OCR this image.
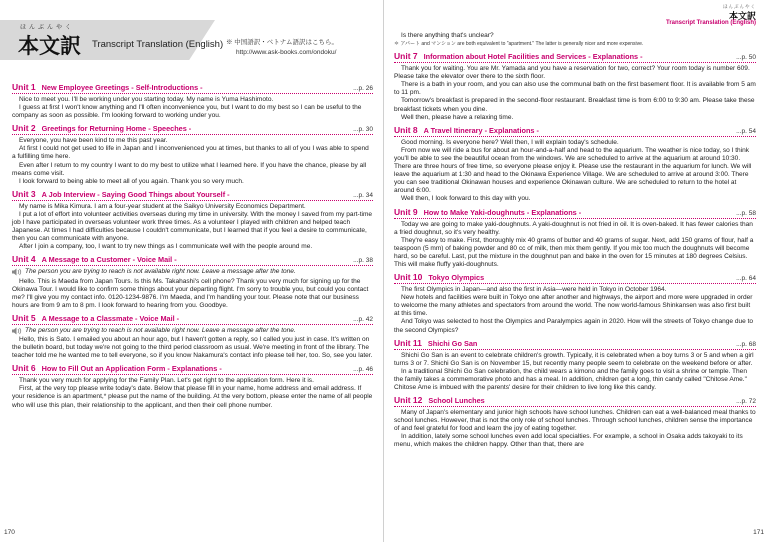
ほんぶんやく
本文訳 Transcript Translation (English) ※ 中国語訳・ベトナム語訳はこちら。
http://www.ask-books.com/ondoku/
Unit 1 New Employee Greetings - Self-Introductions -	...p. 26
Nice to meet you. I'll be working under you starting today. My name is Yuma Hashimoto.
I guess at first I won't know anything and I'll often inconvenience you, but I want to do my best so I can be useful to the company as soon as possible. I'm looking forward to working under you.
Unit 2 Greetings for Returning Home - Speeches -	...p. 30
Everyone, you have been kind to me this past year.
At first I could not get used to life in Japan and I inconvenienced you at times, but thanks to all of you I was able to spend a fulfilling time here.
Even after I return to my country I want to do my best to utilize what I learned here. If you have the chance, please by all means come visit.
I look forward to being able to meet all of you again. Thank you so very much.
Unit 3 A Job Interview - Saying Good Things about Yourself -	...p. 34
My name is Mika Kimura. I am a four-year student at the Saikyo University Economics Department.
I put a lot of effort into volunteer activities overseas during my time in university. With the money I saved from my part-time job I have participated in overseas volunteer work three times. As a volunteer I played with children and helped teach Japanese. At times I had difficulties because I couldn't communicate, but I learned that if you feel a desire to communicate, then you can communicate with anyone.
After I join a company, too, I want to try new things as I communicate well with the people around me.
Unit 4 A Message to a Customer - Voice Mail -	...p. 38
The person you are trying to reach is not available right now. Leave a message after the tone.
Hello. This is Maeda from Japan Tours. Is this Ms. Takahashi's cell phone? Thank you very much for signing up for the Okinawa Tour. I would like to confirm some things about your departing flight. I'm sorry to trouble you, but could you contact me? I'll give you my contact info. 0120-1234-9876. I'm Maeda, and I'm handling your tour. Please note that our business hours are from 9 am to 8 pm. I look forward to hearing from you. Goodbye.
Unit 5 A Message to a Classmate - Voice Mail -	...p. 42
The person you are trying to reach is not available right now. Leave a message after the tone.
Hello, this is Sato. I emailed you about an hour ago, but I haven't gotten a reply, so I called you just in case. It's written on the bulletin board, but today we're not going to the third period classroom as usual. We're meeting in front of the library. The teacher told me he wanted me to tell everyone, so if you know Nakamura's contact info please tell her, too. So, see you later.
Unit 6 How to Fill Out an Application Form - Explanations -	...p. 46
Thank you very much for applying for the Family Plan. Let's get right to the application form. Here it is.
First, at the very top please write today's date. Below that please fill in your name, home address and email address. If your residence is an apartment,* please put the name of the building. At the very bottom, please enter the name of all people who will use this plan, their relationship to the applicant, and then their cell phone number.
170
ほんぶんやく
本文訳
Transcript Translation (English)
Is there anything that's unclear?
＊ アパート and マンション are both equivalent to "apartment." The latter is generally nicer and more expensive.
Unit 7 Information about Hotel Facilities and Services - Explanations -	...p. 50
Thank you for waiting. You are Mr. Yamada and you have a reservation for two, correct? Your room today is number 609. Please take the elevator over there to the sixth floor.
There is a bath in your room, and you can also use the communal bath on the first basement floor. It is available from 5 am to 11 pm.
Tomorrow's breakfast is prepared in the second-floor restaurant. Breakfast time is from 6:00 to 9:30 am. Please take these breakfast tickets when you dine.
Well then, please have a relaxing time.
Unit 8 A Travel Itinerary - Explanations -	...p. 54
Good morning. Is everyone here? Well then, I will explain today's schedule.
From now we will ride a bus for about an hour-and-a-half and head to the aquarium. The weather is nice today, so I think you'll be able to see the beautiful ocean from the windows. We are scheduled to arrive at the aquarium at around 10:30. There are three hours of free time, so everyone please enjoy it. Please use the restaurant in the aquarium for lunch. We will leave the aquarium at 1:30 and head to the Okinawa Experience Village. We are scheduled to arrive at around 3:00. There you can see traditional Okinawan houses and experience Okinawan culture. We are scheduled to return to the hotel at around 6:00.
Well then, I look forward to this day with you.
Unit 9 How to Make Yaki-doughnuts - Explanations -	...p. 58
Today we are going to make yaki-doughnuts. A yaki-doughnut is not fried in oil. It is oven-baked. It has fewer calories than a fried doughnut, so it's very healthy.
They're easy to make. First, thoroughly mix 40 grams of butter and 40 grams of sugar. Next, add 150 grams of flour, half a teaspoon (5 mm) of baking powder and 80 cc of milk, then mix them gently. If you mix too much the doughnuts will become hard, so be careful. Last, put the mixture in the doughnut pan and bake in the oven for 15 minutes at 180 degrees Celsius. This will make fluffy yaki-doughnuts.
Unit 10 Tokyo Olympics	...p. 64
The first Olympics in Japan—and also the first in Asia—were held in Tokyo in October 1964.
New hotels and facilities were built in Tokyo one after another and highways, the airport and more were upgraded in order to welcome the many athletes and spectators from around the world. The now world-famous Shinkansen was also first built at this time.
And Tokyo was selected to host the Olympics and Paralympics again in 2020. How will the streets of Tokyo change due to the second Olympics?
Unit 11 Shichi Go San	...p. 68
Shichi Go San is an event to celebrate children's growth. Typically, it is celebrated when a boy turns 3 or 5 and when a girl turns 3 or 7. Shichi Go San is on November 15, but recently many people seem to celebrate on the weekend before or after.
In a traditional Shichi Go San celebration, the child wears a kimono and the family goes to visit a shrine or temple. Then the family takes a commemorative photo and has a meal. In addition, children get a long, thin candy called "Chitose Ame." Chitose Ame is imbued with the parents' desire for their children to live long like this candy.
Unit 12 School Lunches	...p. 72
Many of Japan's elementary and junior high schools have school lunches. Children can eat a well-balanced meal thanks to school lunches. However, that is not the only role of school lunches. Through school lunches, children sense the importance of and feel grateful for food and learn the joy of eating together.
In addition, lately some school lunches even add local specialties. For example, a school in Osaka adds takoyaki to its menu, which makes the children happy. Other than that, there are
171
